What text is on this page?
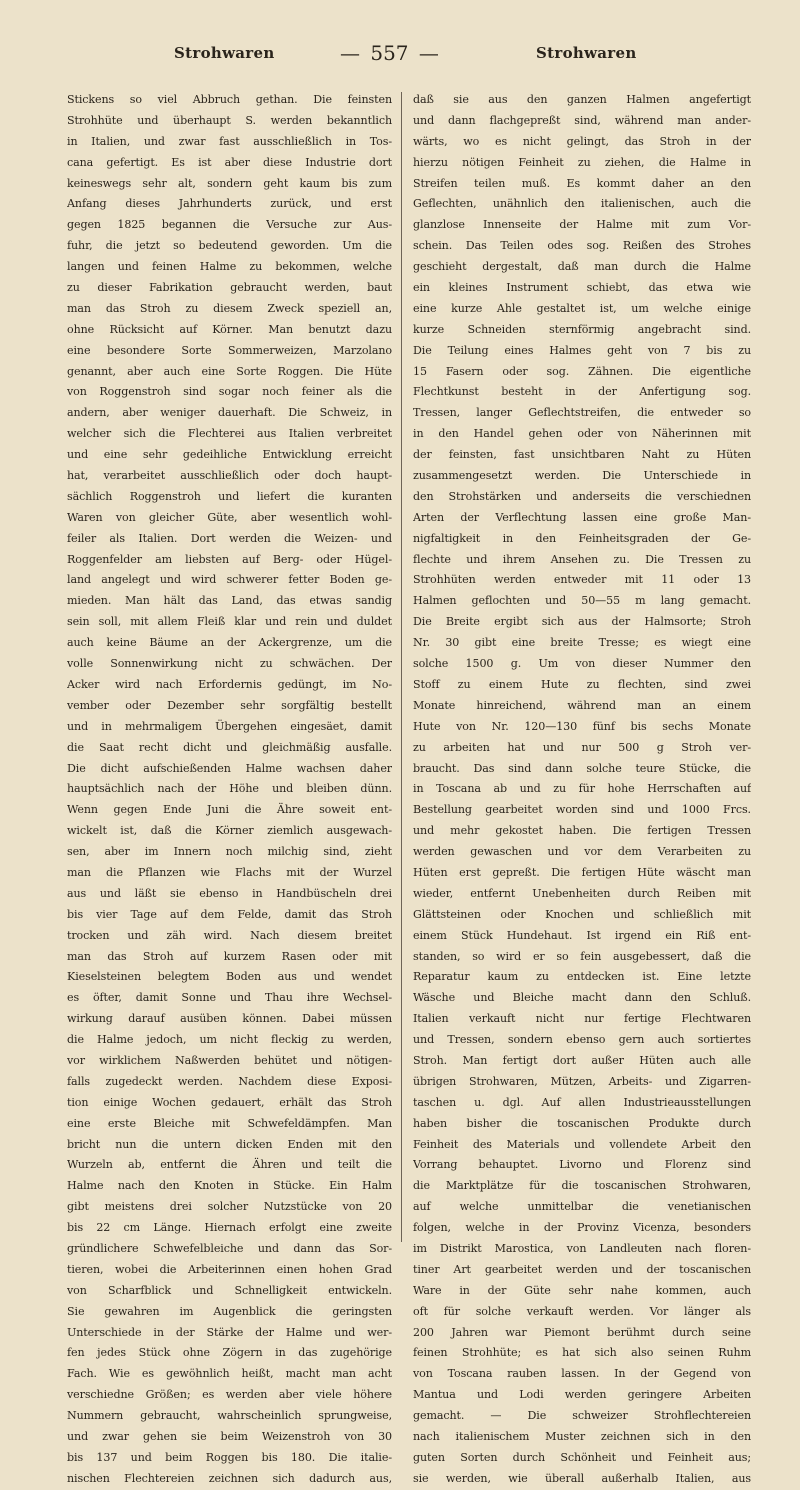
Strohwaren	— 557 —	Strohwaren
Stickens so viel Abbruch gethan. Die feinsten
Strohhüte und überhaupt S. werden bekanntlich
in Italien, und zwar fast ausschließlich in Tos-
cana gefertigt. Es ist aber diese Industrie dort
keineswegs sehr alt, sondern geht kaum bis zum
Anfang dieses Jahrhunderts zurück, und erst
gegen 1825 begannen die Versuche zur Aus-
fuhr, die jetzt so bedeutend geworden. Um die
langen und feinen Halme zu bekommen, welche
zu dieser Fabrikation gebraucht werden, baut
man das Stroh zu diesem Zweck speziell an,
ohne Rücksicht auf Körner. Man benutzt dazu
eine besondere Sorte Sommerweizen, Marzolano
genannt, aber auch eine Sorte Roggen. Die Hüte
von Roggenstroh sind sogar noch feiner als die
andern, aber weniger dauerhaft. Die Schweiz, in
welcher sich die Flechterei aus Italien verbreitet
und eine sehr gedeihliche Entwicklung erreicht
hat, verarbeitet ausschließlich oder doch haupt-
sächlich Roggenstroh und liefert die kuranten
Waren von gleicher Güte, aber wesentlich wohl-
feiler als Italien. Dort werden die Weizen- und
Roggenfelder am liebsten auf Berg- oder Hügel-
land angelegt und wird schwerer fetter Boden ge-
mieden. Man hält das Land, das etwas sandig
sein soll, mit allem Fleiß klar und rein und duldet
auch keine Bäume an der Ackergrenze, um die
volle Sonnenwirkung nicht zu schwächen. Der
Acker wird nach Erfordernis gedüngt, im No-
vember oder Dezember sehr sorgfältig bestellt
und in mehrmaligem Übergehen eingesäet, damit
die Saat recht dicht und gleichmäßig ausfalle.
Die dicht aufschießenden Halme wachsen daher
hauptsächlich nach der Höhe und bleiben dünn.
Wenn gegen Ende Juni die Ähre soweit ent-
wickelt ist, daß die Körner ziemlich ausgewach-
sen, aber im Innern noch milchig sind, zieht
man die Pflanzen wie Flachs mit der Wurzel
aus und läßt sie ebenso in Handbüscheln drei
bis vier Tage auf dem Felde, damit das Stroh
trocken und zäh wird. Nach diesem breitet
man das Stroh auf kurzem Rasen oder mit
Kieselsteinen belegtem Boden aus und wendet
es öfter, damit Sonne und Thau ihre Wechsel-
wirkung darauf ausüben können. Dabei müssen
die Halme jedoch, um nicht fleckig zu werden,
vor wirklichem Naßwerden behütet und nötigen-
falls zugedeckt werden. Nachdem diese Exposi-
tion einige Wochen gedauert, erhält das Stroh
eine erste Bleiche mit Schwefeldämpfen. Man
bricht nun die untern dicken Enden mit den
Wurzeln ab, entfernt die Ähren und teilt die
Halme nach den Knoten in Stücke. Ein Halm
gibt meistens drei solcher Nutzstücke von 20
bis 22 cm Länge. Hiernach erfolgt eine zweite
gründlichere Schwefelbleiche und dann das Sor-
tieren, wobei die Arbeiterinnen einen hohen Grad
von Scharfblick und Schnelligkeit entwickeln.
Sie gewahren im Augenblick die geringsten
Unterschiede in der Stärke der Halme und wer-
fen jedes Stück ohne Zögern in das zugehörige
Fach. Wie es gewöhnlich heißt, macht man acht
verschiedne Größen; es werden aber viele höhere
Nummern gebraucht, wahrscheinlich sprungweise,
und zwar gehen sie beim Weizenstroh von 30
bis 137 und beim Roggen bis 180. Die italie-
nischen Flechtereien zeichnen sich dadurch aus,
daß sie aus den ganzen Halmen angefertigt
und dann flachgepreßt sind, während man ander-
wärts, wo es nicht gelingt, das Stroh in der
hierzu nötigen Feinheit zu ziehen, die Halme in
Streifen teilen muß. Es kommt daher an den
Geflechten, unähnlich den italienischen, auch die
glanzlose Innenseite der Halme mit zum Vor-
schein. Das Teilen odes sog. Reißen des Strohes
geschieht dergestalt, daß man durch die Halme
ein kleines Instrument schiebt, das etwa wie
eine kurze Ahle gestaltet ist, um welche einige
kurze Schneiden sternförmig angebracht sind.
Die Teilung eines Halmes geht von 7 bis zu
15 Fasern oder sog. Zähnen. Die eigentliche
Flechtkunst besteht in der Anfertigung sog.
Tressen, langer Geflechtstreifen, die entweder so
in den Handel gehen oder von Näherinnen mit
der feinsten, fast unsichtbaren Naht zu Hüten
zusammengesetzt werden. Die Unterschiede in
den Strohstärken und anderseits die verschiednen
Arten der Verflechtung lassen eine große Man-
nigfaltigkeit in den Feinheitsgraden der Ge-
flechte und ihrem Ansehen zu. Die Tressen zu
Strohhüten werden entweder mit 11 oder 13
Halmen geflochten und 50—55 m lang gemacht.
Die Breite ergibt sich aus der Halmsorte; Stroh
Nr. 30 gibt eine breite Tresse; es wiegt eine
solche 1500 g. Um von dieser Nummer den
Stoff zu einem Hute zu flechten, sind zwei
Monate hinreichend, während man an einem
Hute von Nr. 120—130 fünf bis sechs Monate
zu arbeiten hat und nur 500 g Stroh ver-
braucht. Das sind dann solche teure Stücke, die
in Toscana ab und zu für hohe Herrschaften auf
Bestellung gearbeitet worden sind und 1000 Frcs.
und mehr gekostet haben. Die fertigen Tressen
werden gewaschen und vor dem Verarbeiten zu
Hüten erst gepreßt. Die fertigen Hüte wäscht man
wieder, entfernt Unebenheiten durch Reiben mit
Glättsteinen oder Knochen und schließlich mit
einem Stück Hundehaut. Ist irgend ein Riß ent-
standen, so wird er so fein ausgebessert, daß die
Reparatur kaum zu entdecken ist. Eine letzte
Wäsche und Bleiche macht dann den Schluß.
Italien verkauft nicht nur fertige Flechtwaren
und Tressen, sondern ebenso gern auch sortiertes
Stroh. Man fertigt dort außer Hüten auch alle
übrigen Strohwaren, Mützen, Arbeits- und Zigarren-
taschen u. dgl. Auf allen Industrieausstellungen
haben bisher die toscanischen Produkte durch
Feinheit des Materials und vollendete Arbeit den
Vorrang behauptet. Livorno und Florenz sind
die Marktplätze für die toscanischen Strohwaren,
auf welche unmittelbar die venetianischen
folgen, welche in der Provinz Vicenza, besonders
im Distrikt Marostica, von Landleuten nach floren-
tiner Art gearbeitet werden und der toscanischen
Ware in der Güte sehr nahe kommen, auch
oft für solche verkauft werden. Vor länger als
200 Jahren war Piemont berühmt durch seine
feinen Strohhüte; es hat sich also seinen Ruhm
von Toscana rauben lassen. In der Gegend von
Mantua und Lodi werden geringere Arbeiten
gemacht. — Die schweizer Strohflechtereien
nach italienischem Muster zeichnen sich in den
guten Sorten durch Schönheit und Feinheit aus;
sie werden, wie überall außerhalb Italien, aus
